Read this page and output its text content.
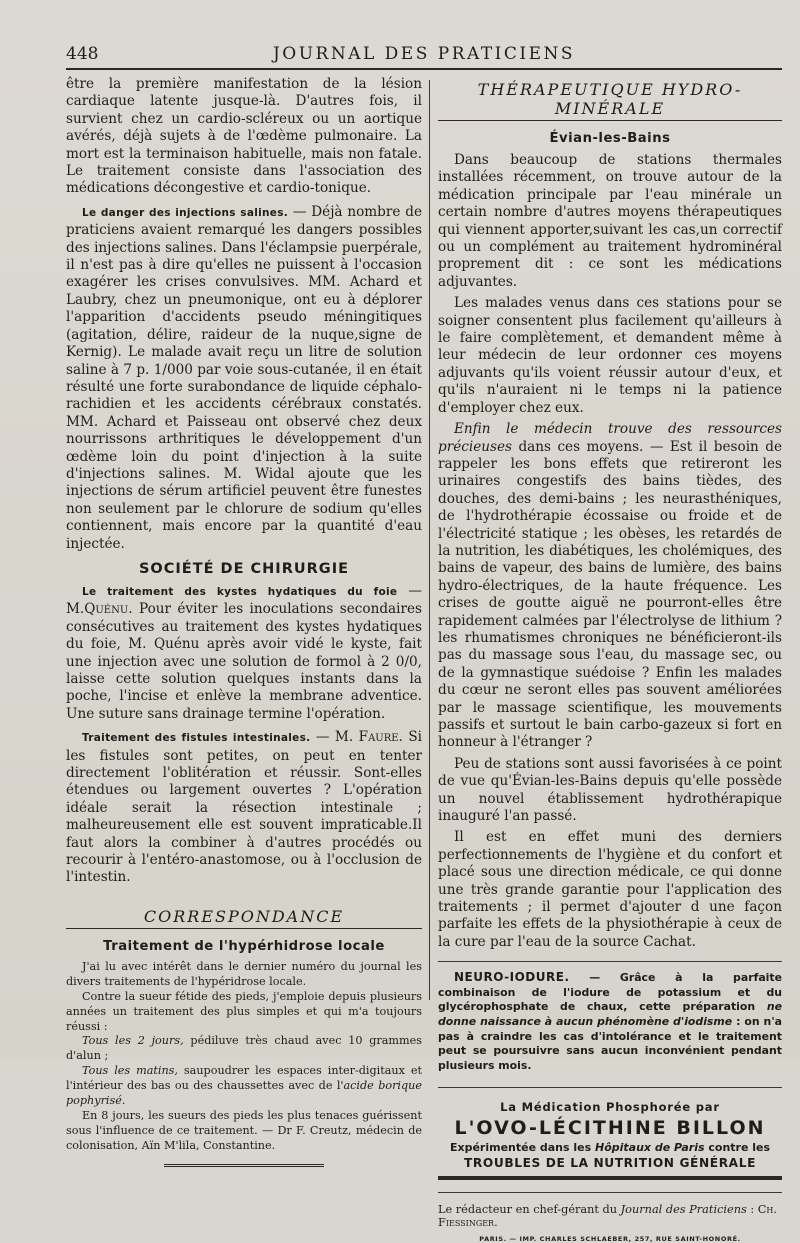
448	JOURNAL DES PRATICIENS

être la première manifestation de la lésion cardiaque latente jusque-là. D'autres fois, il survient chez un cardio-scléreux ou un aortique avérés, déjà sujets à de l'œdème pulmonaire. La mort est la terminaison habituelle, mais non fatale. Le traitement consiste dans l'association des médications décongestive et cardio-tonique.

Le danger des injections salines. — Déjà nombre de praticiens avaient remarqué les dangers possibles des injections salines. Dans l'éclampsie puerpérale, il n'est pas à dire qu'elles ne puissent à l'occasion exagérer les crises convulsives. MM. Achard et Laubry, chez un pneumonique, ont eu à déplorer l'apparition d'accidents pseudo méningitiques (agitation, délire, raideur de la nuque,signe de Kernig). Le malade avait reçu un litre de solution saline à 7 p. 1/000 par voie sous-cutanée, il en était résulté une forte surabondance de liquide céphalo-rachidien et les accidents cérébraux constatés. MM. Achard et Paisseau ont observé chez deux nourrissons arthritiques le développement d'un œdème loin du point d'injection à la suite d'injections salines. M. Widal ajoute que les injections de sérum artificiel peuvent être funestes non seulement par le chlorure de sodium qu'elles contiennent, mais encore par la quantité d'eau injectée.

SOCIÉTÉ DE CHIRURGIE

Le traitement des kystes hydatiques du foie —M.Quénu. Pour éviter les inoculations secondaires consécutives au traitement des kystes hydatiques du foie, M. Quénu après avoir vidé le kyste, fait une injection avec une solution de formol à 2 0/0, laisse cette solution quelques instants dans la poche, l'incise et enlève la membrane adventice. Une suture sans drainage termine l'opération.

Traitement des fistules intestinales. — M. Faure. Si les fistules sont petites, on peut en tenter directement l'oblitération et réussir. Sont-elles étendues ou largement ouvertes ? L'opération idéale serait la résection intestinale ; malheureusement elle est souvent impraticable.Il faut alors la combiner à d'autres procédés ou recourir à l'entéro-anastomose, ou à l'occlusion de l'intestin.

CORRESPONDANCE
Traitement de l'hypérhidrose locale

J'ai lu avec intérêt dans le dernier numéro du journal les divers traitements de l'hypéridrose locale.

Contre la sueur fétide des pieds, j'emploie depuis plusieurs années un traitement des plus simples et qui m'a toujours réussi :

Tous les 2 jours, pédiluve très chaud avec 10 grammes d'alun ;

Tous les matins, saupoudrer les espaces inter-digitaux et l'intérieur des bas ou des chaussettes avec de l'acide borique pophyrisé.

En 8 jours, les sueurs des pieds les plus tenaces guérissent sous l'influence de ce traitement. — Dr F. Creutz, médecin de colonisation, Aïn M'lila, Constantine.

THÉRAPEUTIQUE HYDRO-MINÉRALE
Évian-les-Bains

Dans beaucoup de stations thermales installées récemment, on trouve autour de la médication principale par l'eau minérale un certain nombre d'autres moyens thérapeutiques qui viennent apporter,suivant les cas,un correctif ou un complément au traitement hydrominéral proprement dit : ce sont les médications adjuvantes.

Les malades venus dans ces stations pour se soigner consentent plus facilement qu'ailleurs à le faire complètement, et demandent même à leur médecin de leur ordonner ces moyens adjuvants qu'ils voient réussir autour d'eux, et qu'ils n'auraient ni le temps ni la patience d'employer chez eux.

Enfin le médecin trouve des ressources précieuses dans ces moyens. — Est il besoin de rappeler les bons effets que retireront les urinaires congestifs des bains tièdes, des douches, des demi-bains ; les neurasthéniques, de l'hydrothérapie écossaise ou froide et de l'électricité statique ; les obèses, les retardés de la nutrition, les diabétiques, les cholémiques, des bains de vapeur, des bains de lumière, des bains hydro-électriques, de la haute fréquence. Les crises de goutte aiguë ne pourront-elles être rapidement calmées par l'électrolyse de lithium ? les rhumatismes chroniques ne bénéficieront-ils pas du massage sous l'eau, du massage sec, ou de la gymnastique suédoise ? Enfin les malades du cœur ne seront elles pas souvent améliorées par le massage scientifique, les mouvements passifs et surtout le bain carbo-gazeux si fort en honneur à l'étranger ?

Peu de stations sont aussi favorisées à ce point de vue qu'Évian-les-Bains depuis qu'elle possède un nouvel établissement hydrothérapique inauguré l'an passé.

Il est en effet muni des derniers perfectionnements de l'hygiène et du confort et placé sous une direction médicale, ce qui donne une très grande garantie pour l'application des traitements ; il permet d'ajouter d une façon parfaite les effets de la physiothérapie à ceux de la cure par l'eau de la source Cachat.

NEURO-IODURE. — Grâce à la parfaite combinaison de l'iodure de potassium et du glycérophosphate de chaux, cette préparation ne donne naissance à aucun phénomène d'iodisme : on n'a pas à craindre les cas d'intolérance et le traitement peut se poursuivre sans aucun inconvénient pendant plusieurs mois.

La Médication Phosphorée par
L'OVO-LÉCITHINE BILLON
Expérimentée dans les Hôpitaux de Paris contre les
TROUBLES DE LA NUTRITION GÉNÉRALE
Le rédacteur en chef-gérant du Journal des Praticiens : Ch. Fiessinger.
PARIS. — IMP. CHARLES SCHLAEBER, 257, RUE SAINT-HONORÉ.
